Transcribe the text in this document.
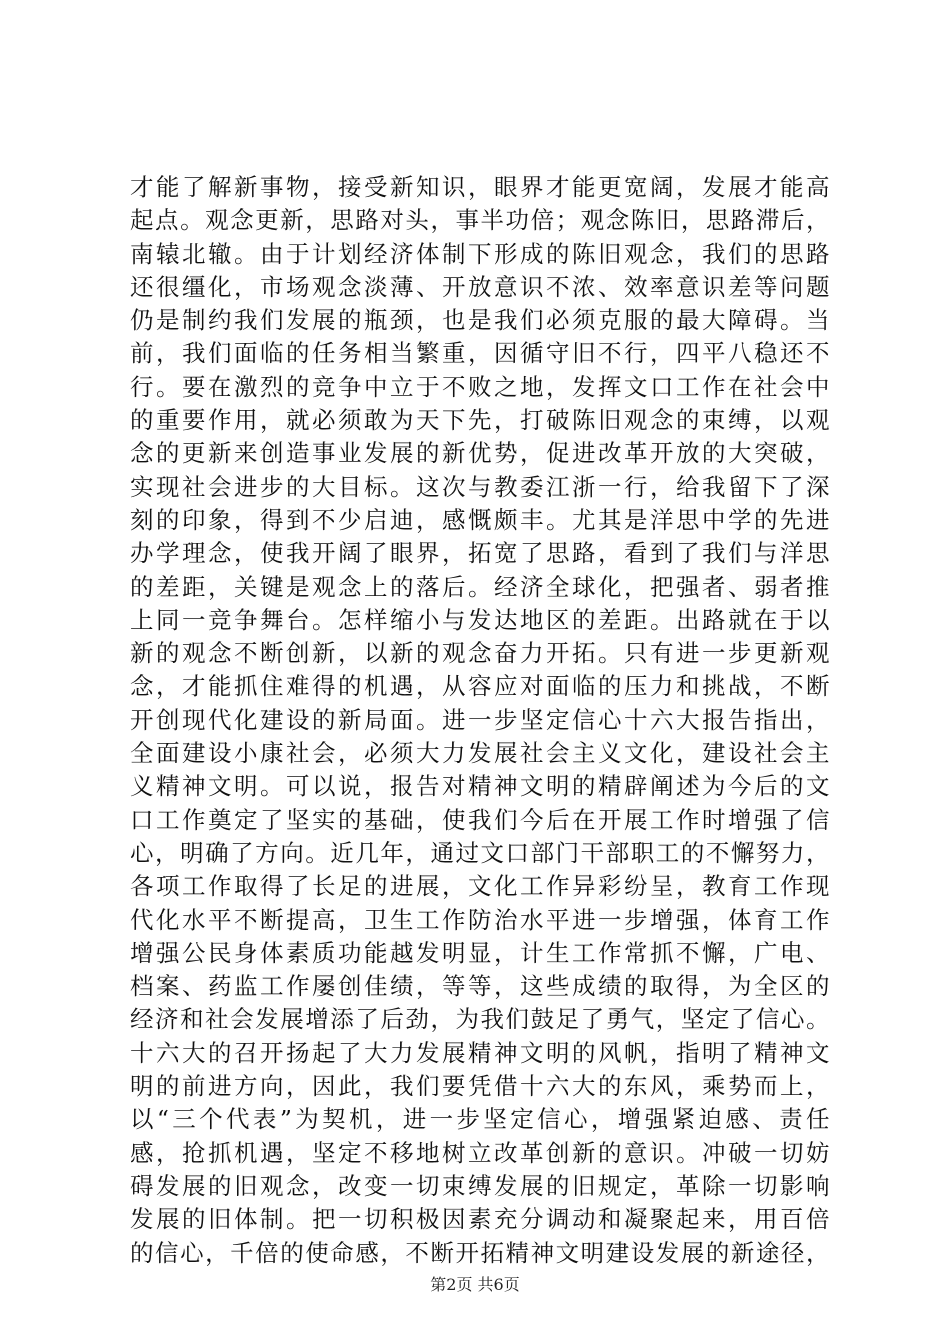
才能了解新事物，接受新知识，眼界才能更宽阔，发展才能高
起点。观念更新，思路对头，事半功倍；观念陈旧，思路滞后，
南辕北辙。由于计划经济体制下形成的陈旧观念，我们的思路
还很缰化，市场观念淡薄、开放意识不浓、效率意识差等问题
仍是制约我们发展的瓶颈，也是我们必须克服的最大障碍。当
前，我们面临的任务相当繁重，因循守旧不行，四平八稳还不
行。要在激烈的竞争中立于不败之地，发挥文口工作在社会中
的重要作用，就必须敢为天下先，打破陈旧观念的束缚，以观
念的更新来创造事业发展的新优势，促进改革开放的大突破，
实现社会进步的大目标。这次与教委江浙一行，给我留下了深
刻的印象，得到不少启迪，感慨颇丰。尤其是洋思中学的先进
办学理念，使我开阔了眼界，拓宽了思路，看到了我们与洋思
的差距，关键是观念上的落后。经济全球化，把强者、弱者推
上同一竞争舞台。怎样缩小与发达地区的差距。出路就在于以
新的观念不断创新，以新的观念奋力开拓。只有进一步更新观
念，才能抓住难得的机遇，从容应对面临的压力和挑战，不断
开创现代化建设的新局面。进一步坚定信心十六大报告指出，
全面建设小康社会，必须大力发展社会主义文化，建设社会主
义精神文明。可以说，报告对精神文明的精辟阐述为今后的文
口工作奠定了坚实的基础，使我们今后在开展工作时增强了信
心，明确了方向。近几年，通过文口部门干部职工的不懈努力，
各项工作取得了长足的进展，文化工作异彩纷呈，教育工作现
代化水平不断提高，卫生工作防治水平进一步增强，体育工作
增强公民身体素质功能越发明显，计生工作常抓不懈，广电、
档案、药监工作屡创佳绩，等等，这些成绩的取得，为全区的
经济和社会发展增添了后劲，为我们鼓足了勇气，坚定了信心。
十六大的召开扬起了大力发展精神文明的风帆，指明了精神文
明的前进方向，因此，我们要凭借十六大的东风，乘势而上，
以“三个代表”为契机，进一步坚定信心，增强紧迫感、责任
感，抢抓机遇，坚定不移地树立改革创新的意识。冲破一切妨
碍发展的旧观念，改变一切束缚发展的旧规定，革除一切影响
发展的旧体制。把一切积极因素充分调动和凝聚起来，用百倍
的信心，千倍的使命感，不断开拓精神文明建设发展的新途径，
第2页 共6页
